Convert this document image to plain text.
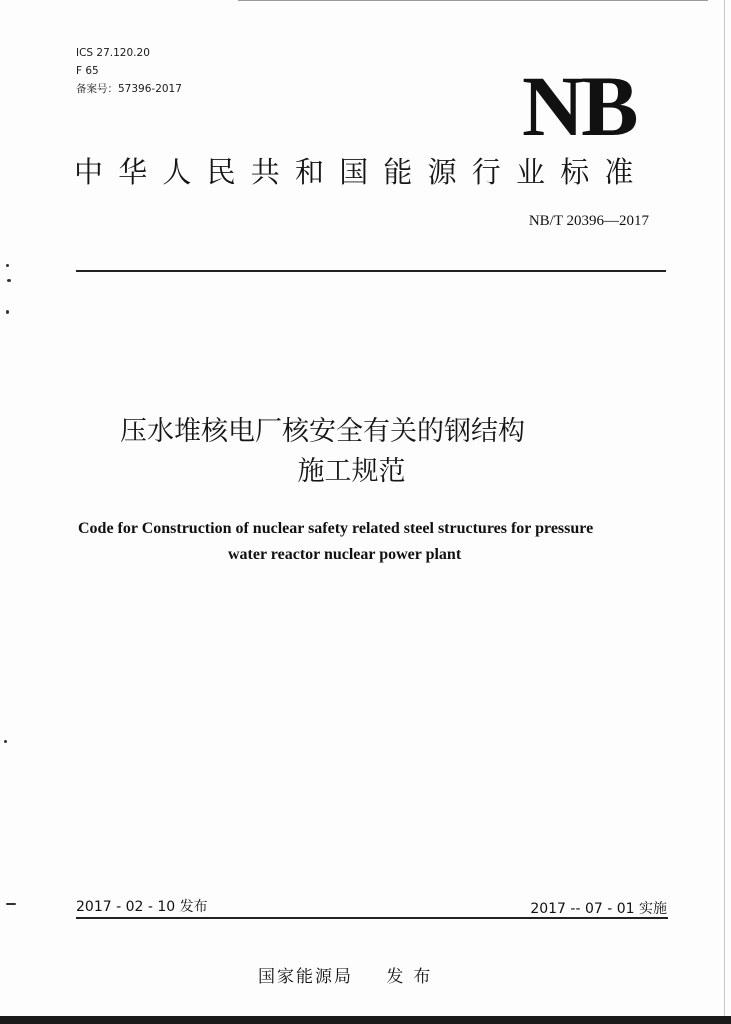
ICS 27.120.20
F 65
备案号：57396-2017	NB
中华人民共和国能源行业标准
NB/T 20396—2017
压水堆核电厂核安全有关的钢结构
施工规范
Code for Construction of nuclear safety related steel structures for pressure
water reactor nuclear power plant
2017 - 02 - 10 发布	2017 -- 07 - 01 实施
国家能源局 发布
